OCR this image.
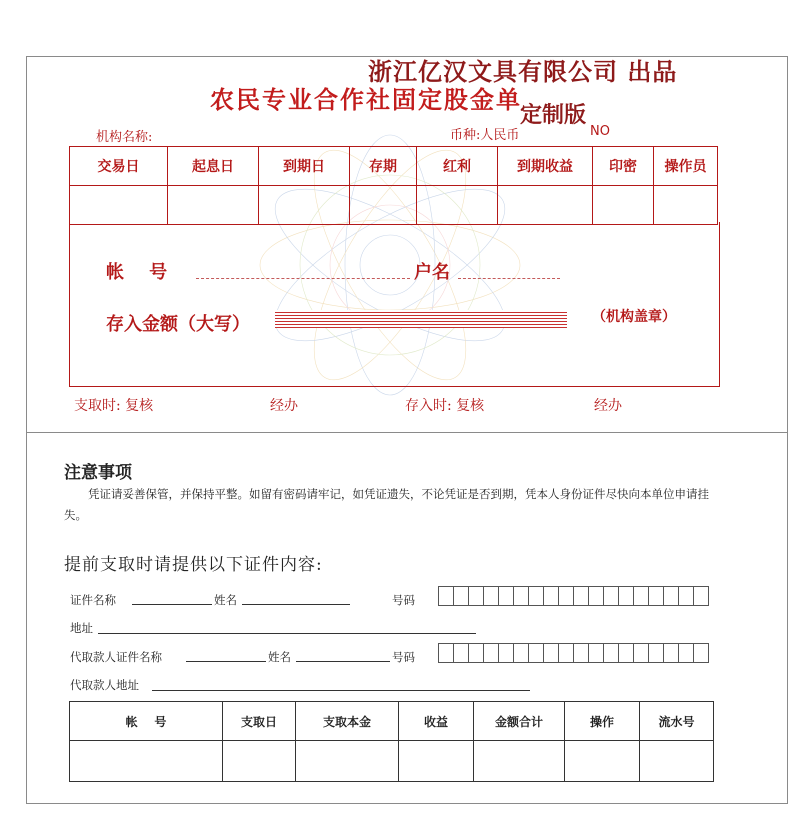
浙江亿汉文具有限公司 出品
定制版
农民专业合作社固定股金单
机构名称:	币种:人民币	NO
交易日	起息日	到期日	存期	红利	到期收益	印密	操作员

帐    号	户名
存入金额（大写）	（机构盖章）
支取时: 复核	经办	存入时: 复核	经办
注意事项
凭证请妥善保管，并保持平整。如留有密码请牢记，如凭证遗失，不论凭证是否到期，凭本人身份证件尽快向本单位申请挂失。
提前支取时请提供以下证件内容:
证件名称	姓名	号码
地址
代取款人证件名称	姓名	号码
代取款人地址
帐    号	支取日	支取本金	收益	金额合计	操作	流水号
